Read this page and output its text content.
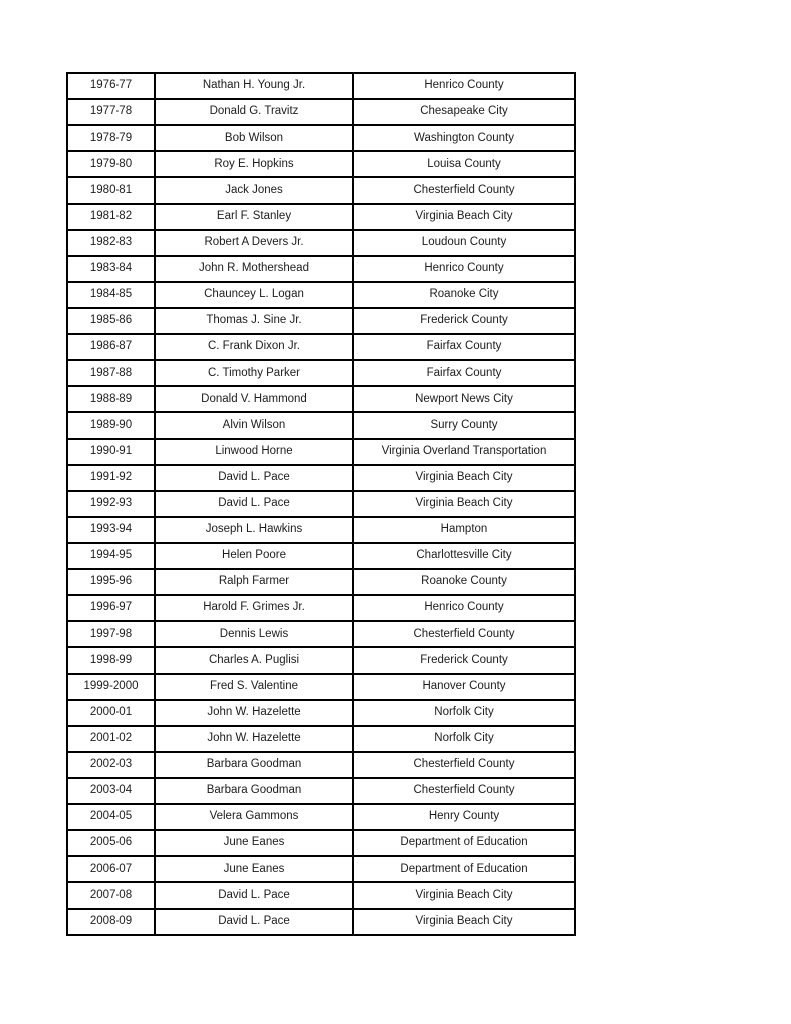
1976-77	Nathan H. Young Jr.	Henrico County
1977-78	Donald G. Travitz	Chesapeake City
1978-79	Bob Wilson	Washington County
1979-80	Roy E. Hopkins	Louisa County
1980-81	Jack Jones	Chesterfield County
1981-82	Earl F. Stanley	Virginia Beach City
1982-83	Robert A Devers Jr.	Loudoun County
1983-84	John R. Mothershead	Henrico County
1984-85	Chauncey L. Logan	Roanoke City
1985-86	Thomas J. Sine Jr.	Frederick County
1986-87	C. Frank Dixon Jr.	Fairfax County
1987-88	C. Timothy Parker	Fairfax County
1988-89	Donald V. Hammond	Newport News City
1989-90	Alvin Wilson	Surry County
1990-91	Linwood Horne	Virginia Overland Transportation
1991-92	David L. Pace	Virginia Beach City
1992-93	David L. Pace	Virginia Beach City
1993-94	Joseph L. Hawkins	Hampton
1994-95	Helen Poore	Charlottesville City
1995-96	Ralph Farmer	Roanoke County
1996-97	Harold F. Grimes Jr.	Henrico County
1997-98	Dennis Lewis	Chesterfield County
1998-99	Charles A. Puglisi	Frederick County
1999-2000	Fred S. Valentine	Hanover County
2000-01	John W. Hazelette	Norfolk City
2001-02	John W. Hazelette	Norfolk City
2002-03	Barbara Goodman	Chesterfield County
2003-04	Barbara Goodman	Chesterfield County
2004-05	Velera Gammons	Henry County
2005-06	June Eanes	Department of Education
2006-07	June Eanes	Department of Education
2007-08	David L. Pace	Virginia Beach City
2008-09	David L. Pace	Virginia Beach City
